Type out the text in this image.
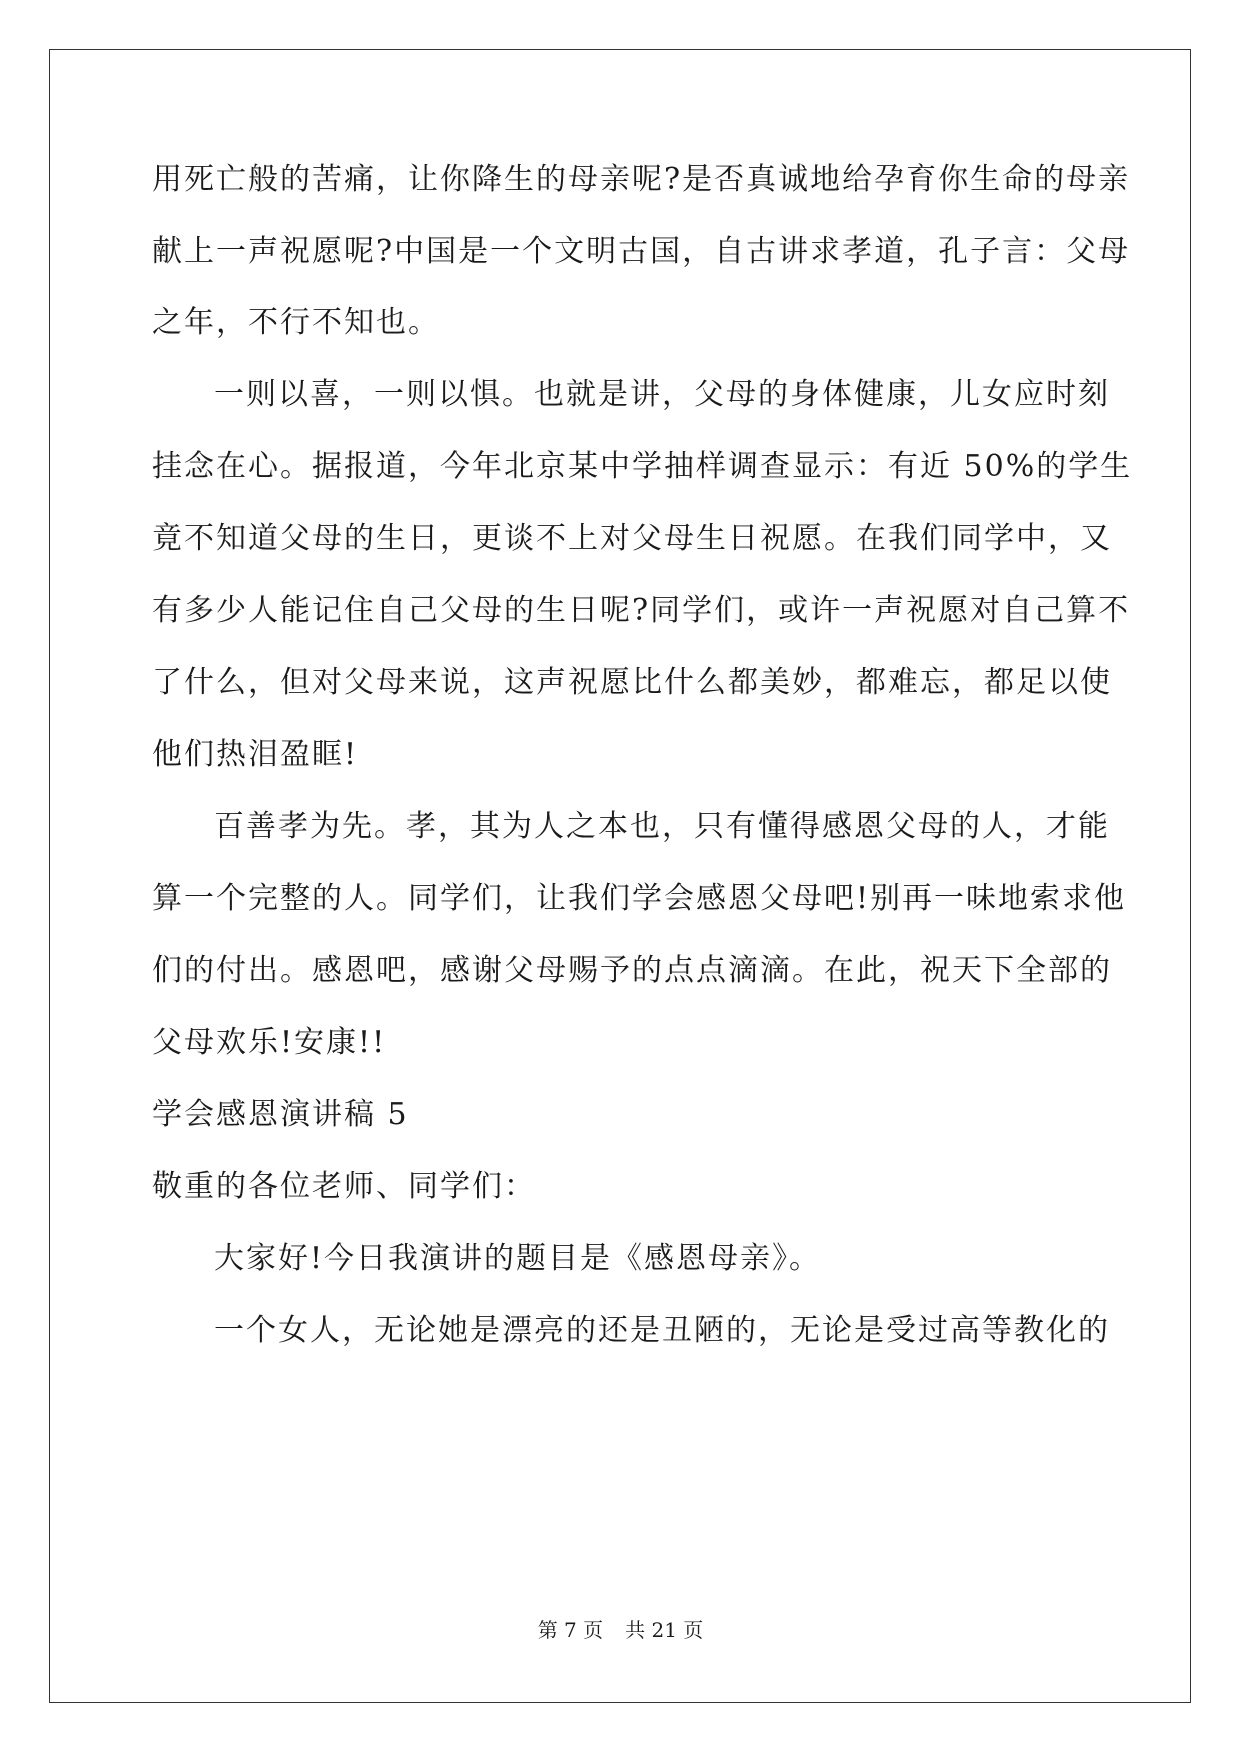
用死亡般的苦痛，让你降生的母亲呢?是否真诚地给孕育你生命的母亲
献上一声祝愿呢?中国是一个文明古国，自古讲求孝道，孔子言：父母
之年，不行不知也。
一则以喜，一则以惧。也就是讲，父母的身体健康，儿女应时刻
挂念在心。据报道，今年北京某中学抽样调查显示：有近 50%的学生
竟不知道父母的生日，更谈不上对父母生日祝愿。在我们同学中，又
有多少人能记住自己父母的生日呢?同学们，或许一声祝愿对自己算不
了什么，但对父母来说，这声祝愿比什么都美妙，都难忘，都足以使
他们热泪盈眶!
百善孝为先。孝，其为人之本也，只有懂得感恩父母的人，才能
算一个完整的人。同学们，让我们学会感恩父母吧!别再一味地索求他
们的付出。感恩吧，感谢父母赐予的点点滴滴。在此，祝天下全部的
父母欢乐!安康!!
学会感恩演讲稿 5
敬重的各位老师、同学们：
大家好!今日我演讲的题目是《感恩母亲》。
一个女人，无论她是漂亮的还是丑陋的，无论是受过高等教化的
第 7 页 共 21 页
